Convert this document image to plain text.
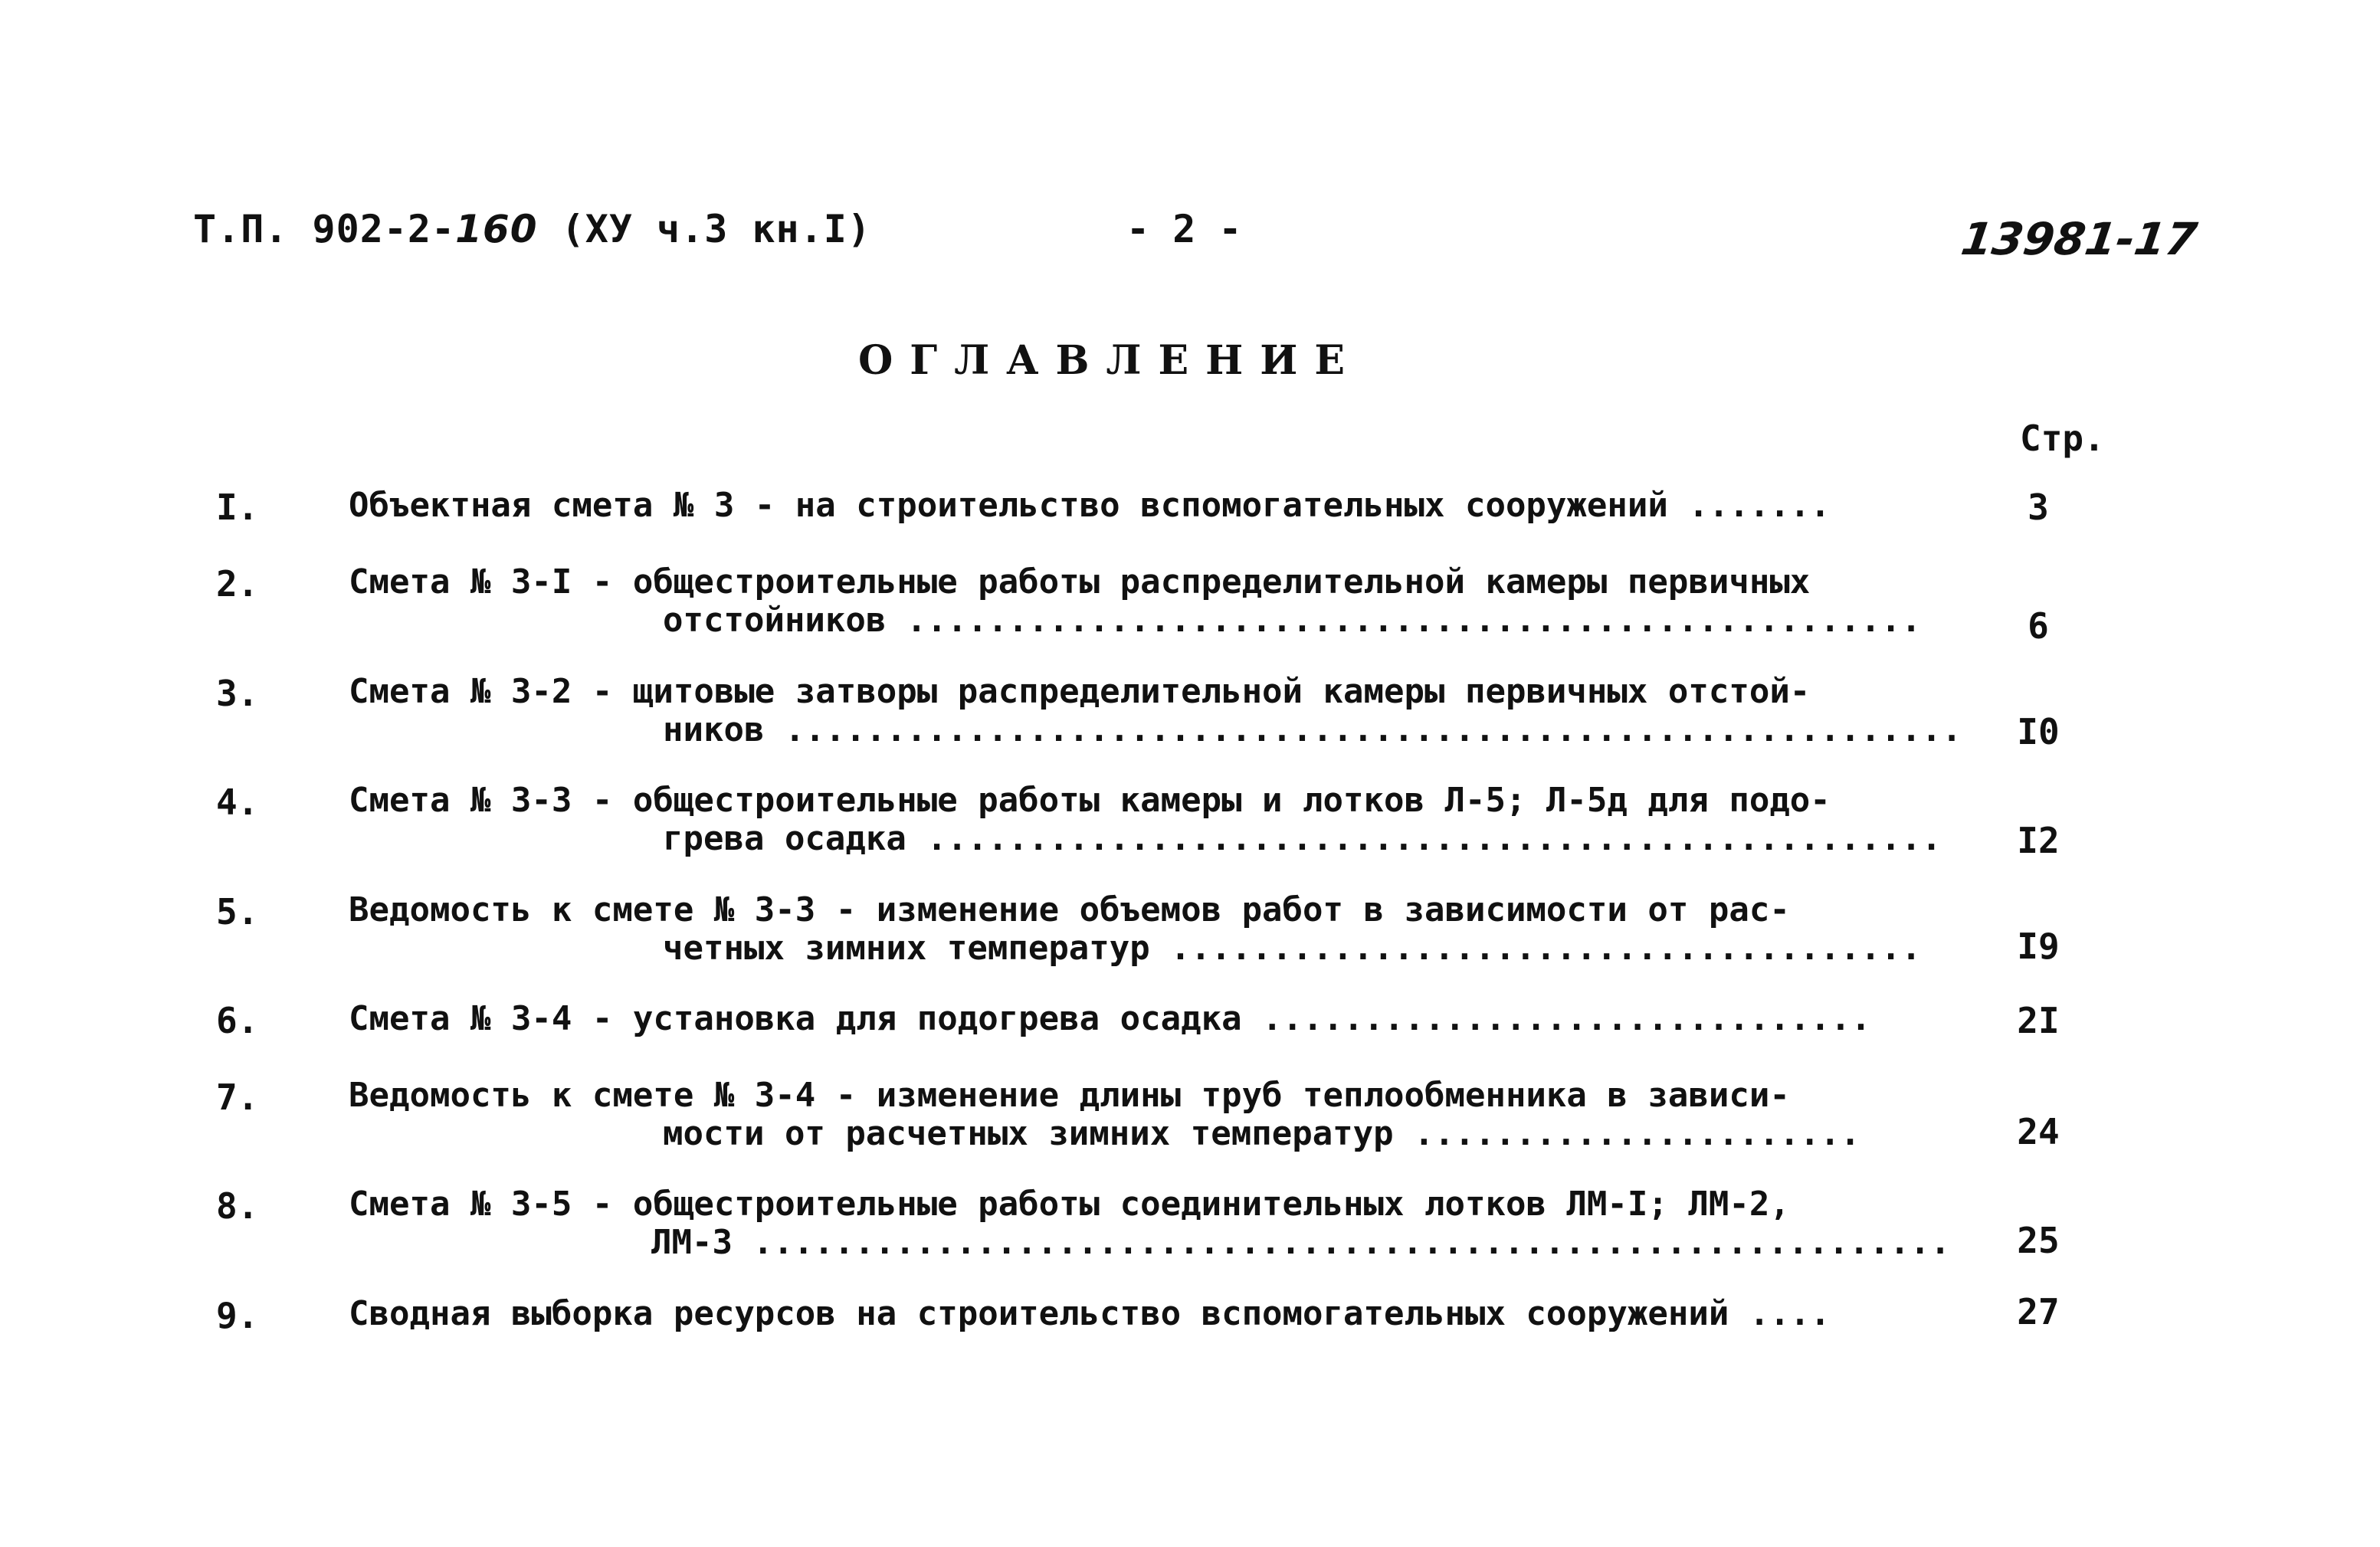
Т.П. 902-2-160 (XУ ч.3 кн.I)	- 2 -	13981-17
ОГЛАВЛЕНИЕ
Стр.
I.	Объектная смета № 3 - на строительство вспомогательных сооружений .......	3
2.	Смета № 3-I - общестроительные работы распределительной камеры первичных
отстойников ..................................................	6
3.	Смета № 3-2 - щитовые затворы распределительной камеры первичных отстой-
ников ..........................................................	I0
4.	Смета № 3-3 - общестроительные работы камеры и лотков Л-5; Л-5д для подо-
грева осадка ..................................................	I2
5.	Ведомость к смете № 3-3 - изменение объемов работ в зависимости от рас-
четных зимних температур .....................................	I9
6.	Смета № 3-4 - установка для подогрева осадка ..............................	2I
7.	Ведомость к смете № 3-4 - изменение длины труб теплообменника в зависи-
мости от расчетных зимних температур ......................	24
8.	Смета № 3-5 - общестроительные работы соединительных лотков ЛМ-I; ЛМ-2,
ЛМ-3 ...........................................................	25
9.	Сводная выборка ресурсов на строительство вспомогательных сооружений ....	27
